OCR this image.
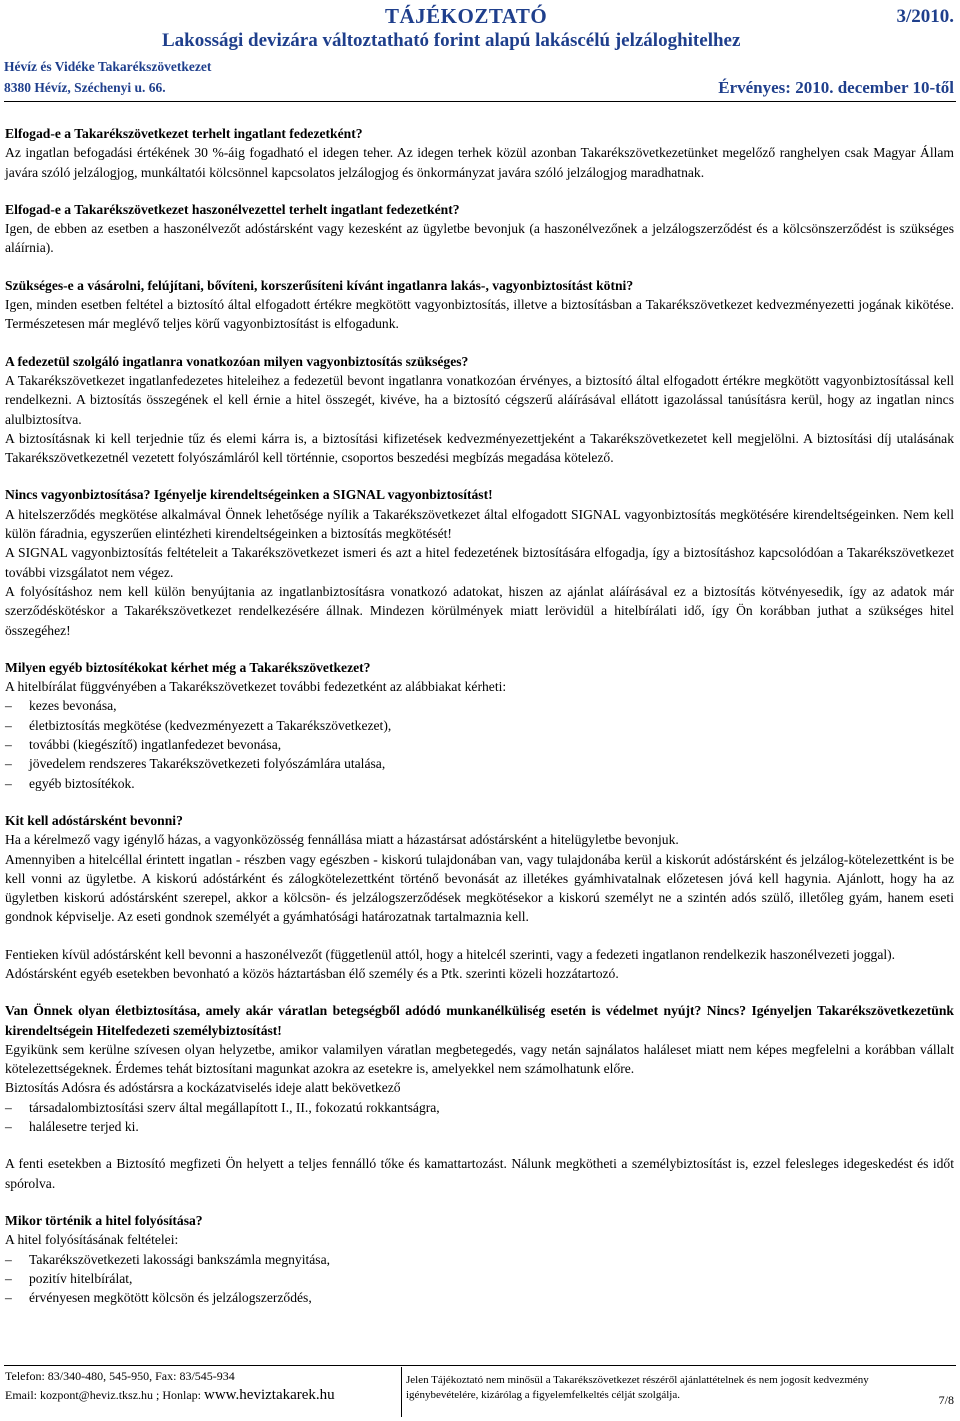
TÁJÉKOZTATÓ	3/2010.
Lakossági devizára változtatható forint alapú lakáscélú jelzáloghitelhez
Hévíz és Vidéke Takarékszövetkezet
8380 Hévíz, Széchenyi u. 66.	Érvényes: 2010. december 10-től

Elfogad-e a Takarékszövetkezet terhelt ingatlant fedezetként?

Az ingatlan befogadási értékének 30 %-áig fogadható el idegen teher. Az idegen terhek közül azonban Takarékszövetkezetünket megelőző ranghelyen csak Magyar Állam javára szóló jelzálogjog, munkáltatói kölcsönnel kapcsolatos jelzálogjog és önkormányzat javára szóló jelzálogjog maradhatnak.

Elfogad-e a Takarékszövetkezet haszonélvezettel terhelt ingatlant fedezetként?

Igen, de ebben az esetben a haszonélvezőt adóstársként vagy kezesként az ügyletbe bevonjuk (a haszonélvezőnek a jelzálogszerződést és a kölcsönszerződést is szükséges aláírnia).

Szükséges-e a vásárolni, felújítani, bővíteni, korszerűsíteni kívánt ingatlanra lakás-, vagyonbiztosítást kötni?

Igen, minden esetben feltétel a biztosító által elfogadott értékre megkötött vagyonbiztosítás, illetve a biztosításban a Takarékszövetkezet kedvezményezetti jogának kikötése. Természetesen már meglévő teljes körű vagyonbiztosítást is elfogadunk.

A fedezetül szolgáló ingatlanra vonatkozóan milyen vagyonbiztosítás szükséges?

A Takarékszövetkezet ingatlanfedezetes hiteleihez a fedezetül bevont ingatlanra vonatkozóan érvényes, a biztosító által elfogadott értékre megkötött vagyonbiztosítással kell rendelkezni. A biztosítás összegének el kell érnie a hitel összegét, kivéve, ha a biztosító cégszerű aláírásával ellátott igazolással tanúsításra kerül, hogy az ingatlan nincs alulbiztosítva.

A biztosításnak ki kell terjednie tűz és elemi kárra is, a biztosítási kifizetések kedvezményezettjeként a Takarékszövetkezetet kell megjelölni. A biztosítási díj utalásának Takarékszövetkezetnél vezetett folyószámláról kell történnie, csoportos beszedési megbízás megadása kötelező.

Nincs vagyonbiztosítása? Igényelje kirendeltségeinken a SIGNAL vagyonbiztosítást!

A hitelszerződés megkötése alkalmával Önnek lehetősége nyílik a Takarékszövetkezet által elfogadott SIGNAL vagyonbiztosítás megkötésére kirendeltségeinken. Nem kell külön fáradnia, egyszerűen elintézheti kirendeltségeinken a biztosítás megkötését!

A SIGNAL vagyonbiztosítás feltételeit a Takarékszövetkezet ismeri és azt a hitel fedezetének biztosítására elfogadja, így a biztosításhoz kapcsolódóan a Takarékszövetkezet további vizsgálatot nem végez.

A folyósításhoz nem kell külön benyújtania az ingatlanbiztosításra vonatkozó adatokat, hiszen az ajánlat aláírásával ez a biztosítás kötvényesedik, így az adatok már szerződéskötéskor a Takarékszövetkezet rendelkezésére állnak. Mindezen körülmények miatt lerövidül a hitelbírálati idő, így Ön korábban juthat a szükséges hitel összegéhez!

Milyen egyéb biztosítékokat kérhet még a Takarékszövetkezet?

A hitelbírálat függvényében a Takarékszövetkezet további fedezetként az alábbiakat kérheti:

– kezes bevonása,
– életbiztosítás megkötése (kedvezményezett a Takarékszövetkezet),
– további (kiegészítő) ingatlanfedezet bevonása,
– jövedelem rendszeres Takarékszövetkezeti folyószámlára utalása,
– egyéb biztosítékok.

Kit kell adóstársként bevonni?

Ha a kérelmező vagy igénylő házas, a vagyonközösség fennállása miatt a házastársat adóstársként a hitelügyletbe bevonjuk.

Amennyiben a hitelcéllal érintett ingatlan - részben vagy egészben - kiskorú tulajdonában van, vagy tulajdonába kerül a kiskorút adóstársként és jelzálog-kötelezettként is be kell vonni az ügyletbe. A kiskorú adóstárként és zálogkötelezettként történő bevonását az illetékes gyámhivatalnak előzetesen jóvá kell hagynia. Ajánlott, hogy ha az ügyletben kiskorú adóstársként szerepel, akkor a kölcsön- és jelzálogszerződések megkötésekor a kiskorú személyt ne a szintén adós szülő, illetőleg gyám, hanem eseti gondnok képviselje. Az eseti gondnok személyét a gyámhatósági határozatnak tartalmaznia kell.

Fentieken kívül adóstársként kell bevonni a haszonélvezőt (függetlenül attól, hogy a hitelcél szerinti, vagy a fedezeti ingatlanon rendelkezik haszonélvezeti joggal).

Adóstársként egyéb esetekben bevonható a közös háztartásban élő személy és a Ptk. szerinti közeli hozzátartozó.

Van Önnek olyan életbiztosítása, amely akár váratlan betegségből adódó munkanélküliség esetén is védelmet nyújt? Nincs? Igényeljen Takarékszövetkezetünk kirendeltségein Hitelfedezeti személybiztosítást!

Egyikünk sem kerülne szívesen olyan helyzetbe, amikor valamilyen váratlan megbetegedés, vagy netán sajnálatos haláleset miatt nem képes megfelelni a korábban vállalt kötelezettségeknek. Érdemes tehát biztosítani magunkat azokra az esetekre is, amelyekkel nem számolhatunk előre.

Biztosítás Adósra és adóstársra a kockázatviselés ideje alatt bekövetkező

– társadalombiztosítási szerv által megállapított I., II., fokozatú rokkantságra,
– halálesetre terjed ki.

A fenti esetekben a Biztosító megfizeti Ön helyett a teljes fennálló tőke és kamattartozást. Nálunk megkötheti a személybiztosítást is, ezzel felesleges idegeskedést és időt spórolva.

Mikor történik a hitel folyósítása?

A hitel folyósításának feltételei:

– Takarékszövetkezeti lakossági bankszámla megnyitása,
– pozitív hitelbírálat,
– érvényesen megkötött kölcsön és jelzálogszerződés,
Telefon: 83/340-480, 545-950, Fax: 83/545-934
Email: kozpont@heviz.tksz.hu ; Honlap: www.heviztakarek.hu
Jelen Tájékoztató nem minősül a Takarékszövetkezet részéről ajánlattételnek és nem jogosít kedvezmény igénybevételére, kizárólag a figyelemfelkeltés célját szolgálja.	7/8
